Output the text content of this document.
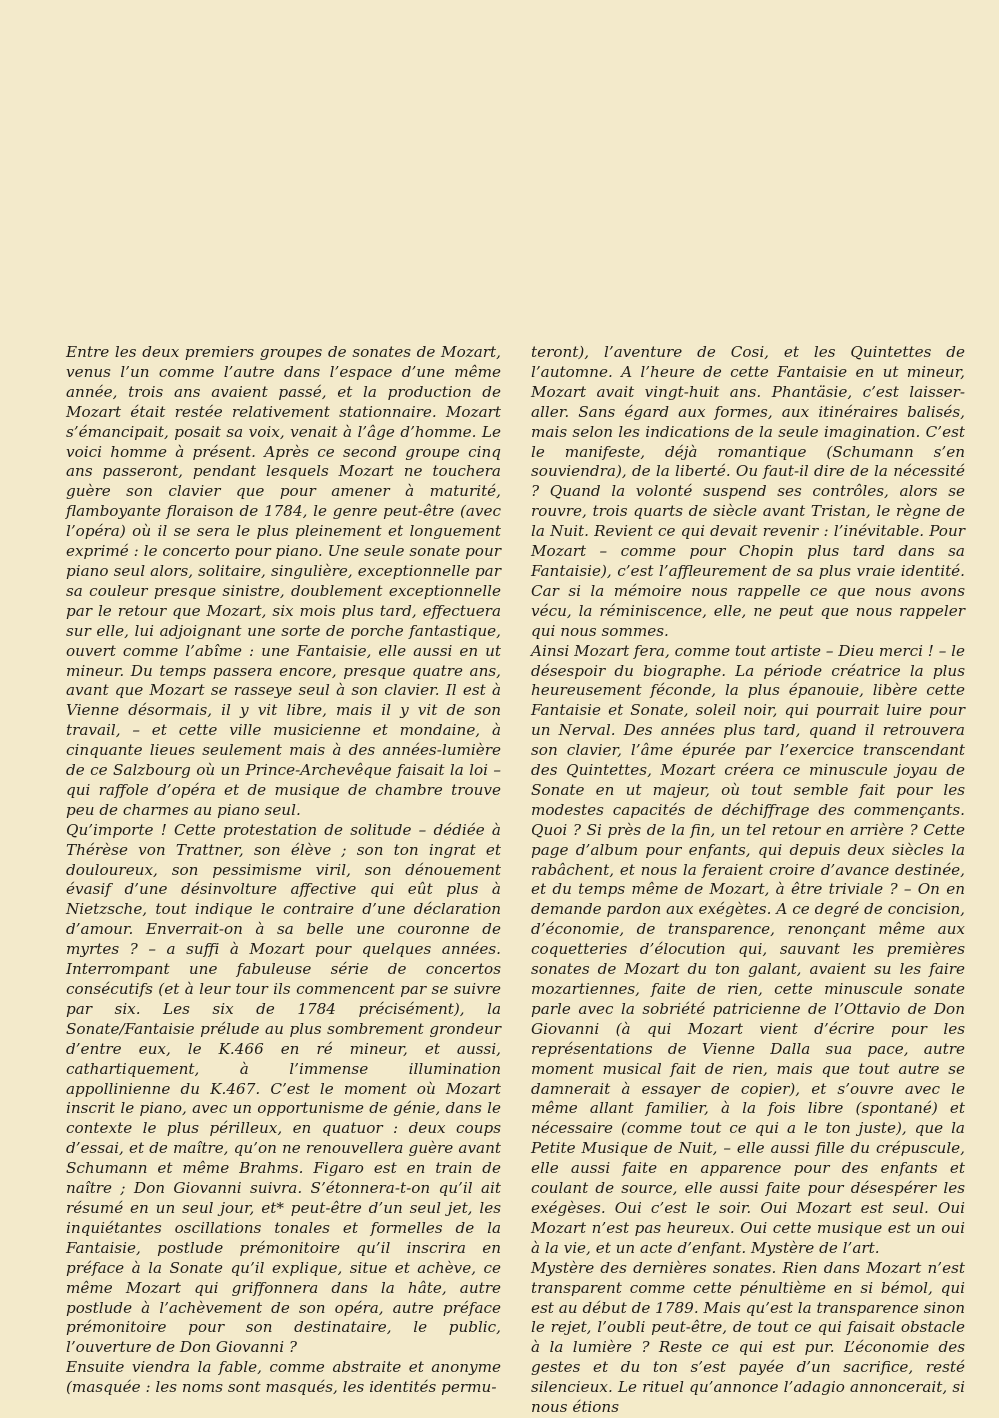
Entre les deux premiers groupes de sonates de Mozart, venus l’un comme l’autre dans l’espace d’une même année, trois ans avaient passé, et la production de Mozart était restée relativement stationnaire. Mozart s’émancipait, posait sa voix, venait à l’âge d’homme. Le voici homme à présent. Après ce second groupe cinq ans passeront, pendant lesquels Mozart ne touchera guère son clavier que pour amener à maturité, flamboyante floraison de 1784, le genre peut-être (avec l’opéra) où il se sera le plus pleinement et longuement exprimé : le concerto pour piano. Une seule sonate pour piano seul alors, solitaire, singulière, exceptionnelle par sa couleur presque sinistre, doublement exceptionnelle par le retour que Mozart, six mois plus tard, effectuera sur elle, lui adjoignant une sorte de porche fantastique, ouvert comme l’abîme : une Fantaisie, elle aussi en ut mineur. Du temps passera encore, presque quatre ans, avant que Mozart se rasseye seul à son clavier. Il est à Vienne désormais, il y vit libre, mais il y vit de son travail, – et cette ville musicienne et mondaine, à cinquante lieues seulement mais à des années-lumière de ce Salzbourg où un Prince-Archevêque faisait la loi – qui raffole d’opéra et de musique de chambre trouve peu de charmes au piano seul.

Qu’importe ! Cette protestation de solitude – dédiée à Thérèse von Trattner, son élève ; son ton ingrat et douloureux, son pessimisme viril, son dénouement évasif d’une désinvolture affective qui eût plus à Nietzsche, tout indique le contraire d’une déclaration d’amour. Enverrait-on à sa belle une couronne de myrtes ? – a suffi à Mozart pour quelques années. Interrompant une fabuleuse série de concertos consécutifs (et à leur tour ils commencent par se suivre par six. Les six de 1784 précisément), la Sonate/Fantaisie prélude au plus sombrement grondeur d’entre eux, le K.466 en ré mineur, et aussi, cathartiquement, à l’immense illumination appollinienne du K.467. C’est le moment où Mozart inscrit le piano, avec un opportunisme de génie, dans le contexte le plus périlleux, en quatuor : deux coups d’essai, et de maître, qu’on ne renouvellera guère avant Schumann et même Brahms. Figaro est en train de naître ; Don Giovanni suivra. S’étonnera-t-on qu’il ait résumé en un seul jour, et* peut-être d’un seul jet, les inquiétantes oscillations tonales et formelles de la Fantaisie, postlude prémonitoire qu’il inscrira en préface à la Sonate qu’il explique, situe et achève, ce même Mozart qui griffonnera dans la hâte, autre postlude à l’achèvement de son opéra, autre préface prémonitoire pour son destinataire, le public, l’ouverture de Don Giovanni ?

Ensuite viendra la fable, comme abstraite et anonyme (masquée : les noms sont masqués, les identités permu-

teront), l’aventure de Cosi, et les Quintettes de l’automne. A l’heure de cette Fantaisie en ut mineur, Mozart avait vingt-huit ans. Phantäsie, c’est laisser-aller. Sans égard aux formes, aux itinéraires balisés, mais selon les indications de la seule imagination. C’est le manifeste, déjà romantique (Schumann s’en souviendra), de la liberté. Ou faut-il dire de la nécessité ? Quand la volonté suspend ses contrôles, alors se rouvre, trois quarts de siècle avant Tristan, le règne de la Nuit. Revient ce qui devait revenir : l’inévitable. Pour Mozart – comme pour Chopin plus tard dans sa Fantaisie), c’est l’affleurement de sa plus vraie identité. Car si la mémoire nous rappelle ce que nous avons vécu, la réminiscence, elle, ne peut que nous rappeler qui nous sommes.

Ainsi Mozart fera, comme tout artiste – Dieu merci ! – le désespoir du biographe. La période créatrice la plus heureusement féconde, la plus épanouie, libère cette Fantaisie et Sonate, soleil noir, qui pourrait luire pour un Nerval. Des années plus tard, quand il retrouvera son clavier, l’âme épurée par l’exercice transcendant des Quintettes, Mozart créera ce minuscule joyau de Sonate en ut majeur, où tout semble fait pour les modestes capacités de déchiffrage des commençants. Quoi ? Si près de la fin, un tel retour en arrière ? Cette page d’album pour enfants, qui depuis deux siècles la rabâchent, et nous la feraient croire d’avance destinée, et du temps même de Mozart, à être triviale ? – On en demande pardon aux exégètes. A ce degré de concision, d’économie, de transparence, renonçant même aux coquetteries d’élocution qui, sauvant les premières sonates de Mozart du ton galant, avaient su les faire mozartiennes, faite de rien, cette minuscule sonate parle avec la sobriété patricienne de l’Ottavio de Don Giovanni (à qui Mozart vient d’écrire pour les représentations de Vienne Dalla sua pace, autre moment musical fait de rien, mais que tout autre se damnerait à essayer de copier), et s’ouvre avec le même allant familier, à la fois libre (spontané) et nécessaire (comme tout ce qui a le ton juste), que la Petite Musique de Nuit, – elle aussi fille du crépuscule, elle aussi faite en apparence pour des enfants et coulant de source, elle aussi faite pour désespérer les exégèses. Oui c’est le soir. Oui Mozart est seul. Oui Mozart n’est pas heureux. Oui cette musique est un oui à la vie, et un acte d’enfant. Mystère de l’art.

Mystère des dernières sonates. Rien dans Mozart n’est transparent comme cette pénultième en si bémol, qui est au début de 1789. Mais qu’est la transparence sinon le rejet, l’oubli peut-être, de tout ce qui faisait obstacle à la lumière ? Reste ce qui est pur. L’économie des gestes et du ton s’est payée d’un sacrifice, resté silencieux. Le rituel qu’annonce l’adagio annoncerait, si nous étions
